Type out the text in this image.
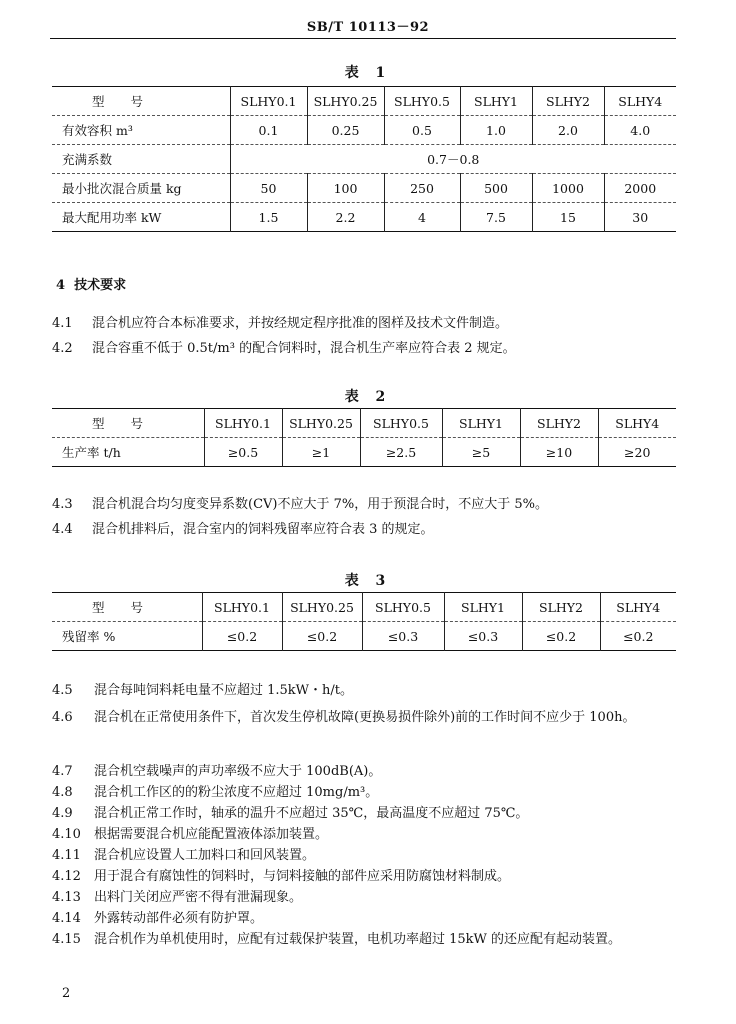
SB/T 10113－92
表 1
型号	SLHY0.1	SLHY0.25	SLHY0.5	SLHY1	SLHY2	SLHY4
有效容积 m³	0.1	0.25	0.5	1.0	2.0	4.0
充满系数	0.7－0.8					
最小批次混合质量 kg	50	100	250	500	1000	2000
最大配用功率 kW	1.5	2.2	4	7.5	15	30
4 技术要求
4.1 混合机应符合本标准要求，并按经规定程序批准的图样及技术文件制造。
4.2 混合容重不低于 0.5t/m³ 的配合饲料时，混合机生产率应符合表 2 规定。
表 2
型号	SLHY0.1	SLHY0.25	SLHY0.5	SLHY1	SLHY2	SLHY4
生产率 t/h	≥0.5	≥1	≥2.5	≥5	≥10	≥20
4.3 混合机混合均匀度变异系数(CV)不应大于 7%，用于预混合时，不应大于 5%。
4.4 混合机排料后，混合室内的饲料残留率应符合表 3 的规定。
表 3
型号	SLHY0.1	SLHY0.25	SLHY0.5	SLHY1	SLHY2	SLHY4
残留率 %	≤0.2	≤0.2	≤0.3	≤0.3	≤0.2	≤0.2
4.5 混合每吨饲料耗电量不应超过 1.5kW・h/t。
4.6 混合机在正常使用条件下，首次发生停机故障(更换易损件除外)前的工作时间不应少于 100h。
4.7 混合机空载噪声的声功率级不应大于 100dB(A)。
4.8 混合机工作区的的粉尘浓度不应超过 10mg/m³。
4.9 混合机正常工作时，轴承的温升不应超过 35℃，最高温度不应超过 75℃。
4.10 根据需要混合机应能配置液体添加装置。
4.11 混合机应设置人工加料口和回风装置。
4.12 用于混合有腐蚀性的饲料时，与饲料接触的部件应采用防腐蚀材料制成。
4.13 出料门关闭应严密不得有泄漏现象。
4.14 外露转动部件必须有防护罩。
2
4.15 混合机作为单机使用时，应配有过载保护装置，电机功率超过 15kW 的还应配有起动装置。
